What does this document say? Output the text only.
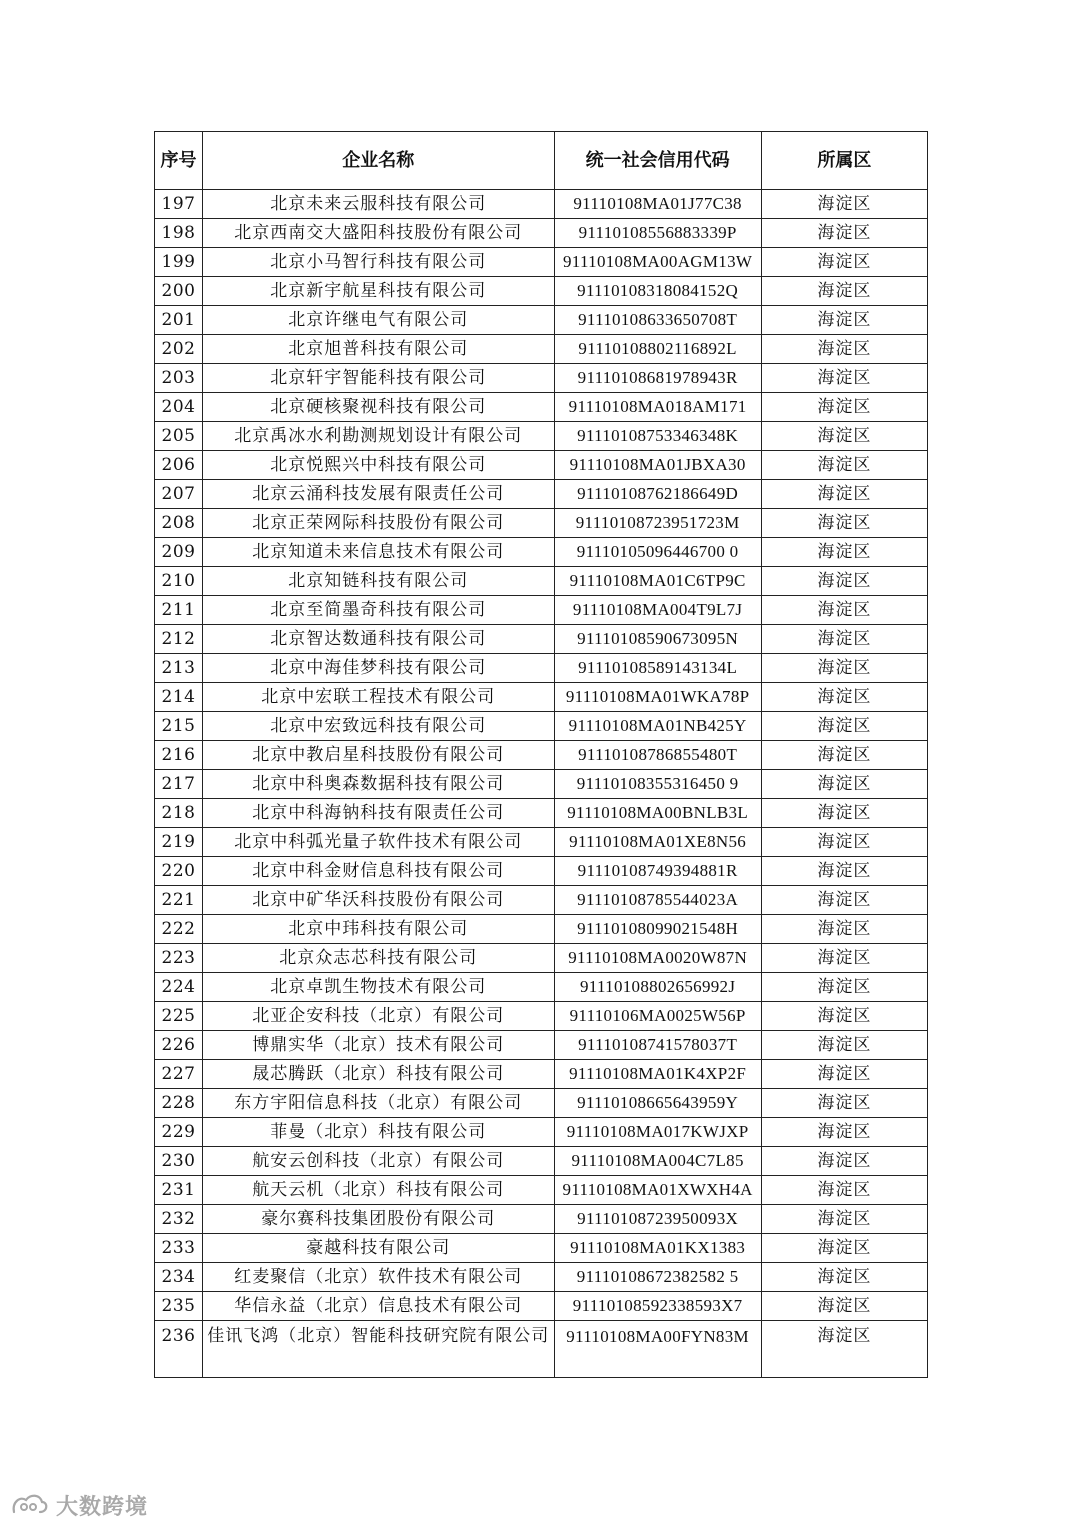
序号	企业名称	统一社会信用代码	所属区
197	北京未来云服科技有限公司	91110108MA01J77C38	海淀区
198	北京西南交大盛阳科技股份有限公司	91110108556883339P	海淀区
199	北京小马智行科技有限公司	91110108MA00AGM13W	海淀区
200	北京新宇航星科技有限公司	91110108318084152Q	海淀区
201	北京许继电气有限公司	91110108633650708T	海淀区
202	北京旭普科技有限公司	91110108802116892L	海淀区
203	北京轩宇智能科技有限公司	91110108681978943R	海淀区
204	北京硬核聚视科技有限公司	91110108MA018AM171	海淀区
205	北京禹冰水利勘测规划设计有限公司	91110108753346348K	海淀区
206	北京悦熙兴中科技有限公司	91110108MA01JBXA30	海淀区
207	北京云涌科技发展有限责任公司	91110108762186649D	海淀区
208	北京正荣网际科技股份有限公司	91110108723951723M	海淀区
209	北京知道未来信息技术有限公司	91110105096446700 0	海淀区
210	北京知链科技有限公司	91110108MA01C6TP9C	海淀区
211	北京至简墨奇科技有限公司	91110108MA004T9L7J	海淀区
212	北京智达数通科技有限公司	91110108590673095N	海淀区
213	北京中海佳梦科技有限公司	91110108589143134L	海淀区
214	北京中宏联工程技术有限公司	91110108MA01WKA78P	海淀区
215	北京中宏致远科技有限公司	91110108MA01NB425Y	海淀区
216	北京中教启星科技股份有限公司	91110108786855480T	海淀区
217	北京中科奥森数据科技有限公司	91110108355316450 9	海淀区
218	北京中科海钠科技有限责任公司	91110108MA00BNLB3L	海淀区
219	北京中科弧光量子软件技术有限公司	91110108MA01XE8N56	海淀区
220	北京中科金财信息科技有限公司	91110108749394881R	海淀区
221	北京中矿华沃科技股份有限公司	91110108785544023A	海淀区
222	北京中玮科技有限公司	91110108099021548H	海淀区
223	北京众志芯科技有限公司	91110108MA0020W87N	海淀区
224	北京卓凯生物技术有限公司	91110108802656992J	海淀区
225	北亚企安科技（北京）有限公司	91110106MA0025W56P	海淀区
226	博鼎实华（北京）技术有限公司	91110108741578037T	海淀区
227	晟芯腾跃（北京）科技有限公司	91110108MA01K4XP2F	海淀区
228	东方宇阳信息科技（北京）有限公司	91110108665643959Y	海淀区
229	菲曼（北京）科技有限公司	91110108MA017KWJXP	海淀区
230	航安云创科技（北京）有限公司	91110108MA004C7L85	海淀区
231	航天云机（北京）科技有限公司	91110108MA01XWXH4A	海淀区
232	豪尔赛科技集团股份有限公司	91110108723950093X	海淀区
233	豪越科技有限公司	91110108MA01KX1383	海淀区
234	红麦聚信（北京）软件技术有限公司	91110108672382582 5	海淀区
235	华信永益（北京）信息技术有限公司	91110108592338593X7	海淀区
236	佳讯飞鸿（北京）智能科技研究院有限公司	91110108MA00FYN83M	海淀区
大数跨境
